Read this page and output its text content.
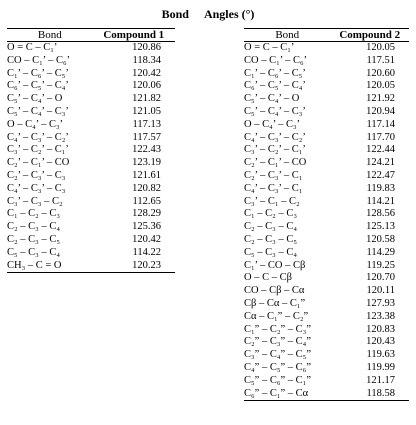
Bond Angles (°)
Bond	Compound 1
O = C – C₁’	120.86
CO – C₁’ – C₆’	118.34
C₁’ – C₆’ – C₅’	120.42
C₆’ – C₅’ – C₄’	120.06
C₅’ – C₄’ – O	121.82
C₅’ – C₄’ – C₃’	121.05
O – C₄’ – C₃’	117.13
C₄’ – C₃’ – C₂’	117.57
C₃’ – C₂’ – C₁’	122.43
C₂’ – C₁’ – CO	123.19
C₂’ – C₃’ – C₃	121.61
C₄’ – C₃’ – C₃	120.82
C₃’ – C₃ – C₂	112.65
C₁ – C₂ – C₃	128.29
C₂ – C₃ – C₄	125.36
C₂ – C₃ – C₅	120.42
C₅ – C₃ – C₄	114.22
CH₃ – C = O	120.23
Bond	Compound 2
O = C – C₁’	120.05
CO – C₁’ – C₆’	117.51
C₁’ – C₆’ – C₅’	120.60
C₆’ – C₅’ – C₄’	120.05
C₅’ – C₄’ – O	121.92
C₅’ – C₄’ – C₃’	120.94
O – C₄’ – C₃’	117.14
C₄’ – C₃’ – C₂’	117.70
C₃’ – C₂’ – C₁’	122.44
C₂’ – C₁’ – CO	124.21
C₂’ – C₃’ – C₁	122.47
C₄’ – C₃’ – C₁	119.83
C₃’ – C₁ – C₂	114.21
C₁ – C₂ – C₃	128.56
C₂ – C₃ – C₄	125.13
C₂ – C₃ – C₅	120.58
C₅ – C₃ – C₄	114.29
C₁’ – CO – Cβ	119.25
O – C – Cβ	120.70
CO – Cβ – Cα	120.11
Cβ – Cα – C₁”	127.93
Cα – C₁” – C₂”	123.38
C₁” – C₂” – C₃”	120.83
C₂” – C₃” – C₄”	120.43
C₃” – C₄” – C₅”	119.63
C₄” – C₅” – C₆”	119.99
C₅” – C₆” – C₁”	121.17
C₆” – C₁” – Cα	118.58
